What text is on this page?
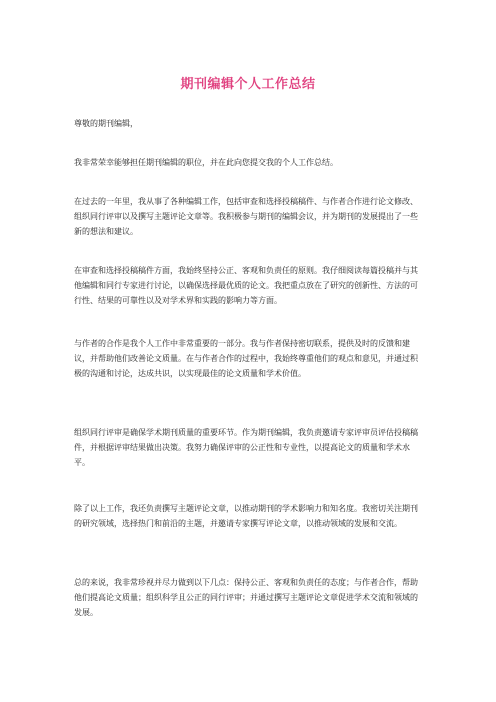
期刊编辑个人工作总结

尊敬的期刊编辑，

我非常荣幸能够担任期刊编辑的职位，并在此向您提交我的个人工作总结。

在过去的一年里，我从事了各种编辑工作，包括审查和选择投稿稿件、与作者合作进行论文修改、组织同行评审以及撰写主题评论文章等。我积极参与期刊的编辑会议，并为期刊的发展提出了一些新的想法和建议。

在审查和选择投稿稿件方面，我始终坚持公正、客观和负责任的原则。我仔细阅读每篇投稿并与其他编辑和同行专家进行讨论，以确保选择最优质的论文。我把重点放在了研究的创新性、方法的可行性、结果的可靠性以及对学术界和实践的影响力等方面。

与作者的合作是我个人工作中非常重要的一部分。我与作者保持密切联系，提供及时的反馈和建议，并帮助他们改善论文质量。在与作者合作的过程中，我始终尊重他们的观点和意见，并通过积极的沟通和讨论，达成共识，以实现最佳的论文质量和学术价值。

组织同行评审是确保学术期刊质量的重要环节。作为期刊编辑，我负责邀请专家评审员评估投稿稿件，并根据评审结果做出决策。我努力确保评审的公正性和专业性，以提高论文的质量和学术水平。

除了以上工作，我还负责撰写主题评论文章，以推动期刊的学术影响力和知名度。我密切关注期刊的研究领域，选择热门和前沿的主题，并邀请专家撰写评论文章，以推动领域的发展和交流。

总的来说，我非常珍视并尽力做到以下几点：保持公正、客观和负责任的态度；与作者合作，帮助他们提高论文质量；组织科学且公正的同行评审；并通过撰写主题评论文章促进学术交流和领域的发展。
